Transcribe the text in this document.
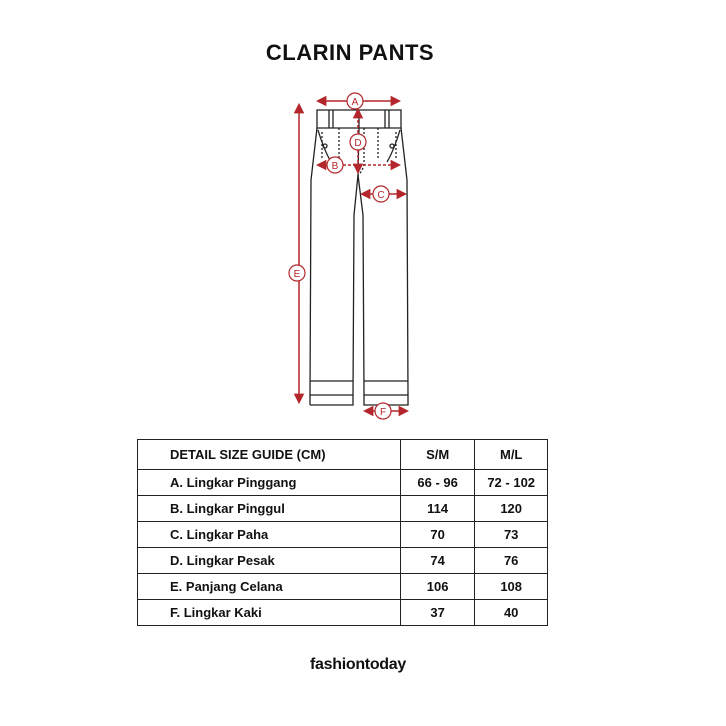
CLARIN PANTS
A
B
C
D
E
F
DETAIL SIZE GUIDE (CM)	S/M	M/L
A. Lingkar Pinggang	66 - 96	72 - 102
B. Lingkar Pinggul	114	120
C. Lingkar Paha	70	73
D. Lingkar Pesak	74	76
E. Panjang Celana	106	108
F. Lingkar Kaki	37	40
fashiontoday
